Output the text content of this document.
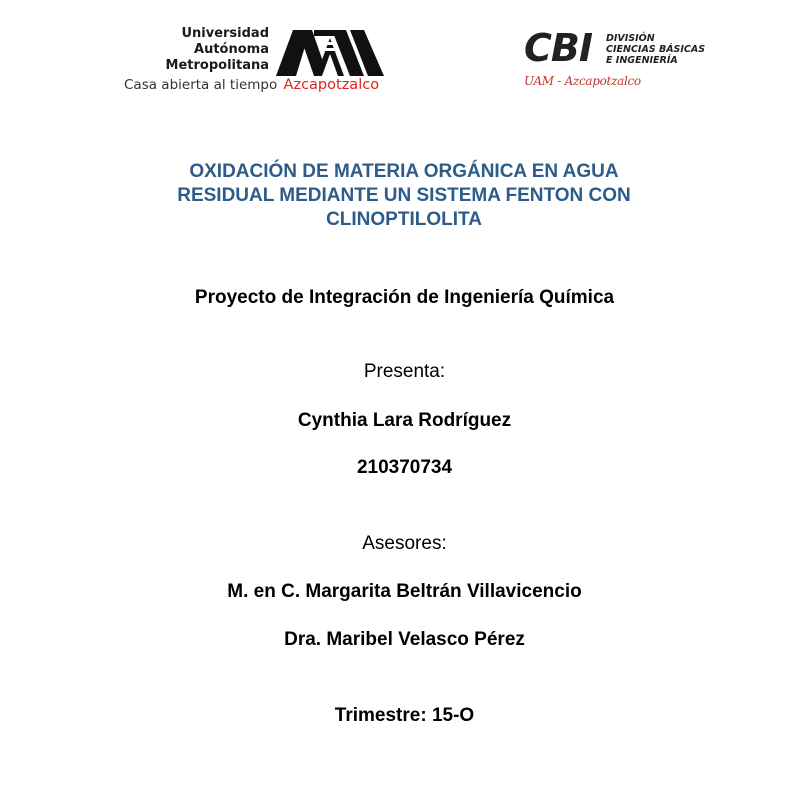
Universidad
Autónoma
Metropolitana
Casa abierta al tiempo Azcapotzalco
CBI DIVISIÓN
CIENCIAS BÁSICAS
E INGENIERÍA
UAM - Azcapotzalco
OXIDACIÓN DE MATERIA ORGÁNICA EN AGUA
RESIDUAL MEDIANTE UN SISTEMA FENTON CON
CLINOPTILOLITA
Proyecto de Integración de Ingeniería Química
Presenta:
Cynthia Lara Rodríguez
210370734
Asesores:
M. en C. Margarita Beltrán Villavicencio
Dra. Maribel Velasco Pérez
Trimestre: 15-O
